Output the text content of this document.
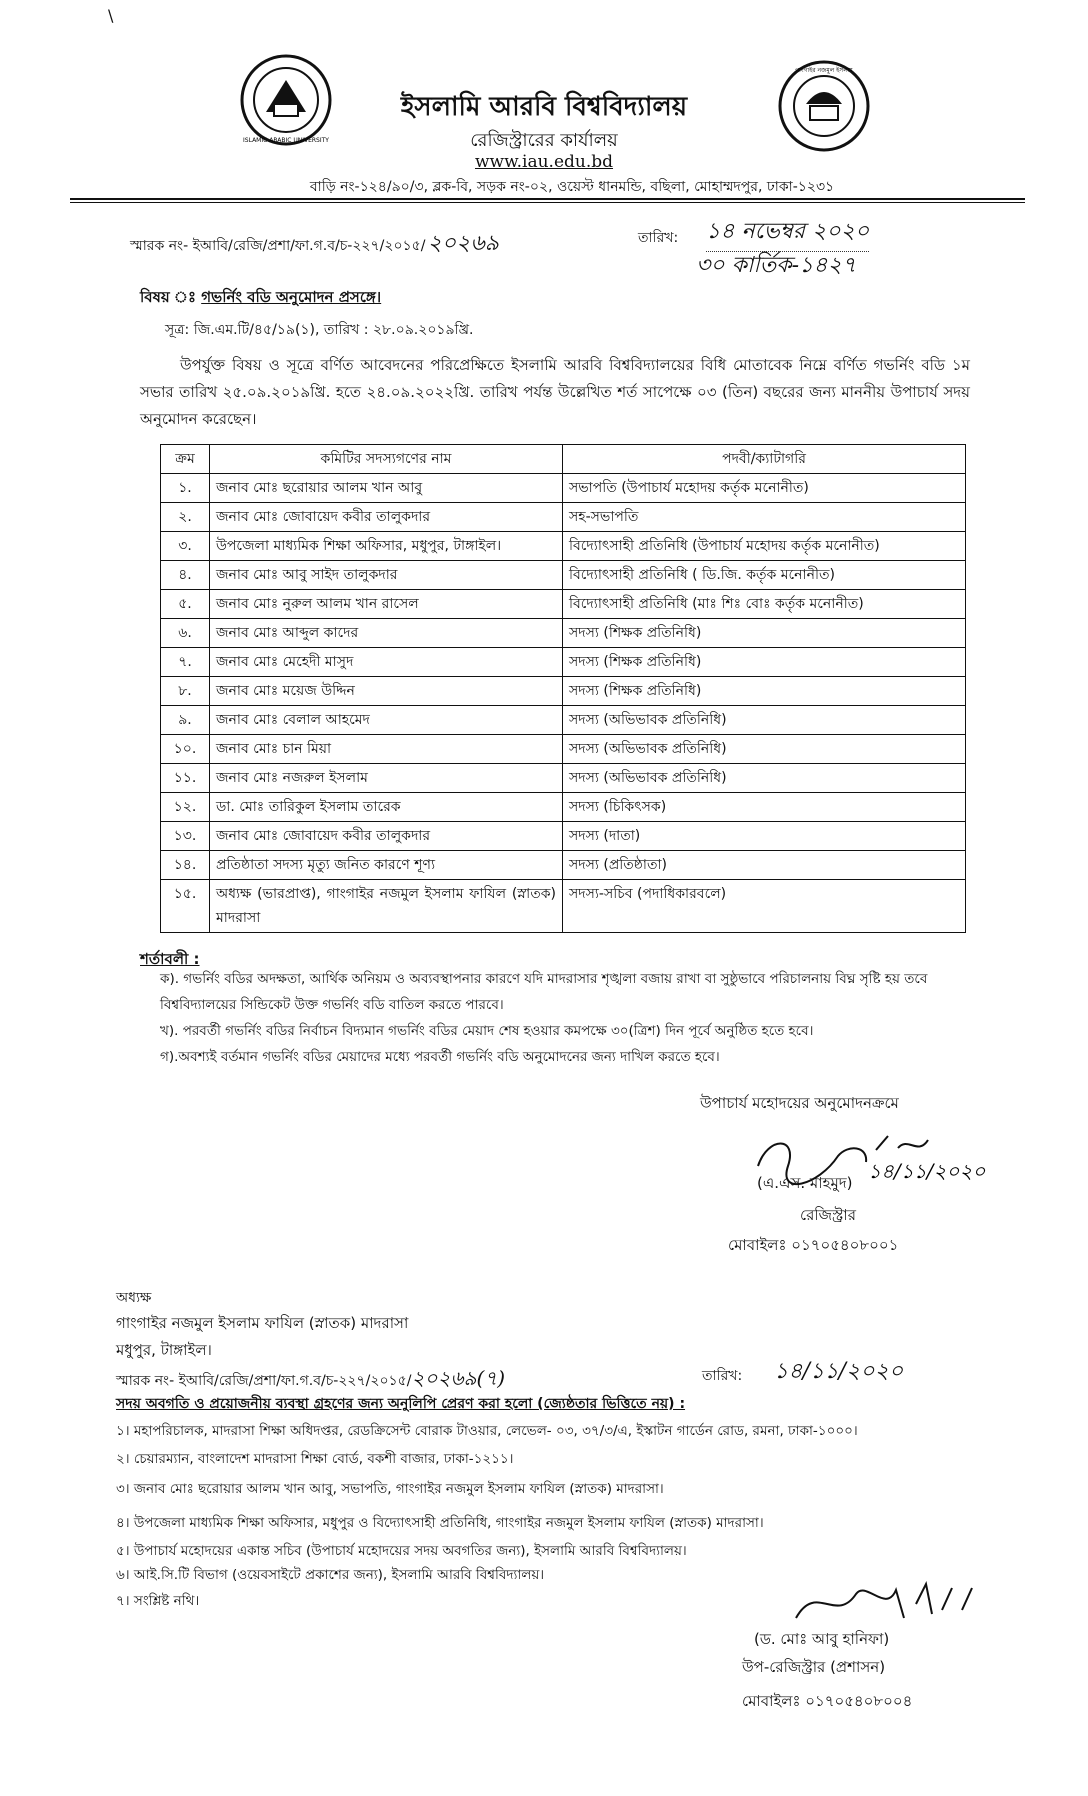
\
ISLAMIC ARABIC UNIVERSITY
গাংগাইর নজমুল ইসলাম
ইসলামি আরবি বিশ্ববিদ্যালয়
রেজিস্ট্রারের কার্যালয়
www.iau.edu.bd
বাড়ি নং-১২৪/৯০/৩, ব্লক-বি, সড়ক নং-০২, ওয়েস্ট ধানমন্ডি, বছিলা, মোহাম্মদপুর, ঢাকা-১২৩১
স্মারক নং- ইআবি/রেজি/প্রশা/ফা.গ.ব/চ-২২৭/২০১৫/২০২৬৯	তারিখ: ১৪ নভেম্বর ২০২০
৩০ কার্তিক-১৪২৭
বিষয় ঃ গভর্নিং বডি অনুমোদন প্রসঙ্গে।
সূত্র: জি.এম.টি/৪৫/১৯(১), তারিখ : ২৮.০৯.২০১৯খ্রি.
উপর্যুক্ত বিষয় ও সূত্রে বর্ণিত আবেদনের পরিপ্রেক্ষিতে ইসলামি আরবি বিশ্ববিদ্যালয়ের বিধি মোতাবেক নিম্নে বর্ণিত গভর্নিং বডি ১ম সভার তারিখ ২৫.০৯.২০১৯খ্রি. হতে ২৪.০৯.২০২২খ্রি. তারিখ পর্যন্ত উল্লেখিত শর্ত সাপেক্ষে ০৩ (তিন) বছরের জন্য মাননীয় উপাচার্য সদয় অনুমোদন করেছেন।
ক্রম	কমিটির সদস্যগণের নাম	পদবী/ক্যাটাগরি
১.	জনাব মোঃ ছরোয়ার আলম খান আবু	সভাপতি (উপাচার্য মহোদয় কর্তৃক মনোনীত)
২.	জনাব মোঃ জোবায়েদ কবীর তালুকদার	সহ-সভাপতি
৩.	উপজেলা মাধ্যমিক শিক্ষা অফিসার, মধুপুর, টাঙ্গাইল।	বিদ্যোৎসাহী প্রতিনিধি (উপাচার্য মহোদয় কর্তৃক মনোনীত)
৪.	জনাব মোঃ আবু সাইদ তালুকদার	বিদ্যোৎসাহী প্রতিনিধি ( ডি.জি. কর্তৃক মনোনীত)
৫.	জনাব মোঃ নুরুল আলম খান রাসেল	বিদ্যোৎসাহী প্রতিনিধি (মাঃ শিঃ বোঃ কর্তৃক মনোনীত)
৬.	জনাব মোঃ আব্দুল কাদের	সদস্য (শিক্ষক প্রতিনিধি)
৭.	জনাব মোঃ মেহেদী মাসুদ	সদস্য (শিক্ষক প্রতিনিধি)
৮.	জনাব মোঃ ময়েজ উদ্দিন	সদস্য (শিক্ষক প্রতিনিধি)
৯.	জনাব মোঃ বেলাল আহমেদ	সদস্য (অভিভাবক প্রতিনিধি)
১০.	জনাব মোঃ চান মিয়া	সদস্য (অভিভাবক প্রতিনিধি)
১১.	জনাব মোঃ নজরুল ইসলাম	সদস্য (অভিভাবক প্রতিনিধি)
১২.	ডা. মোঃ তারিকুল ইসলাম তারেক	সদস্য (চিকিৎসক)
১৩.	জনাব মোঃ জোবায়েদ কবীর তালুকদার	সদস্য (দাতা)
১৪.	প্রতিষ্ঠাতা সদস্য মৃত্যু জনিত কারণে শূণ্য	সদস্য (প্রতিষ্ঠাতা)
১৫.	অধ্যক্ষ (ভারপ্রাপ্ত), গাংগাইর নজমুল ইসলাম ফাযিল (স্নাতক) মাদরাসা	সদস্য-সচিব (পদাধিকারবলে)
শর্তাবলী :
ক). গভর্নিং বডির অদক্ষতা, আর্থিক অনিয়ম ও অব্যবস্থাপনার কারণে যদি মাদরাসার শৃঙ্খলা বজায় রাখা বা সুষ্ঠুভাবে পরিচালনায় বিঘ্ন সৃষ্টি হয় তবে বিশ্ববিদ্যালয়ের সিন্ডিকেট উক্ত গভর্নিং বডি বাতিল করতে পারবে।
খ). পরবর্তী গভর্নিং বডির নির্বাচন বিদ্যমান গভর্নিং বডির মেয়াদ শেষ হওয়ার কমপক্ষে ৩০(ত্রিশ) দিন পূর্বে অনুষ্ঠিত হতে হবে।
গ).অবশ্যই বর্তমান গভর্নিং বডির মেয়াদের মধ্যে পরবর্তী গভর্নিং বডি অনুমোদনের জন্য দাখিল করতে হবে।
উপাচার্য মহোদয়ের অনুমোদনক্রমে
১৪/১১/২০২০
(এ.এস. মাহমুদ)
রেজিস্ট্রার
মোবাইলঃ ০১৭০৫৪০৮০০১
অধ্যক্ষ
গাংগাইর নজমুল ইসলাম ফাযিল (স্নাতক) মাদরাসা
মধুপুর, টাঙ্গাইল।
স্মারক নং- ইআবি/রেজি/প্রশা/ফা.গ.ব/চ-২২৭/২০১৫/২০২৬৯(৭)	তারিখ: ১৪/১১/২০২০
সদয় অবগতি ও প্রয়োজনীয় ব্যবস্থা গ্রহণের জন্য অনুলিপি প্রেরণ করা হলো (জ্যেষ্ঠতার ভিত্তিতে নয়) :
১। মহাপরিচালক, মাদরাসা শিক্ষা অধিদপ্তর, রেডক্রিসেন্ট বোরাক টাওয়ার, লেভেল- ০৩, ৩৭/৩/এ, ইস্কাটন গার্ডেন রোড, রমনা, ঢাকা-১০০০।
২। চেয়ারম্যান, বাংলাদেশ মাদরাসা শিক্ষা বোর্ড, বকশী বাজার, ঢাকা-১২১১।
৩। জনাব মোঃ ছরোয়ার আলম খান আবু, সভাপতি, গাংগাইর নজমুল ইসলাম ফাযিল (স্নাতক) মাদরাসা।
৪। উপজেলা মাধ্যমিক শিক্ষা অফিসার, মধুপুর ও বিদ্যোৎসাহী প্রতিনিধি, গাংগাইর নজমুল ইসলাম ফাযিল (স্নাতক) মাদরাসা।
৫। উপাচার্য মহোদয়ের একান্ত সচিব (উপাচার্য মহোদয়ের সদয় অবগতির জন্য), ইসলামি আরবি বিশ্ববিদ্যালয়।
৬। আই.সি.টি বিভাগ (ওয়েবসাইটে প্রকাশের জন্য), ইসলামি আরবি বিশ্ববিদ্যালয়।
৭। সংশ্লিষ্ট নথি।
(ড. মোঃ আবু হানিফা)
উপ-রেজিস্ট্রার (প্রশাসন)
মোবাইলঃ ০১৭০৫৪০৮০০৪
